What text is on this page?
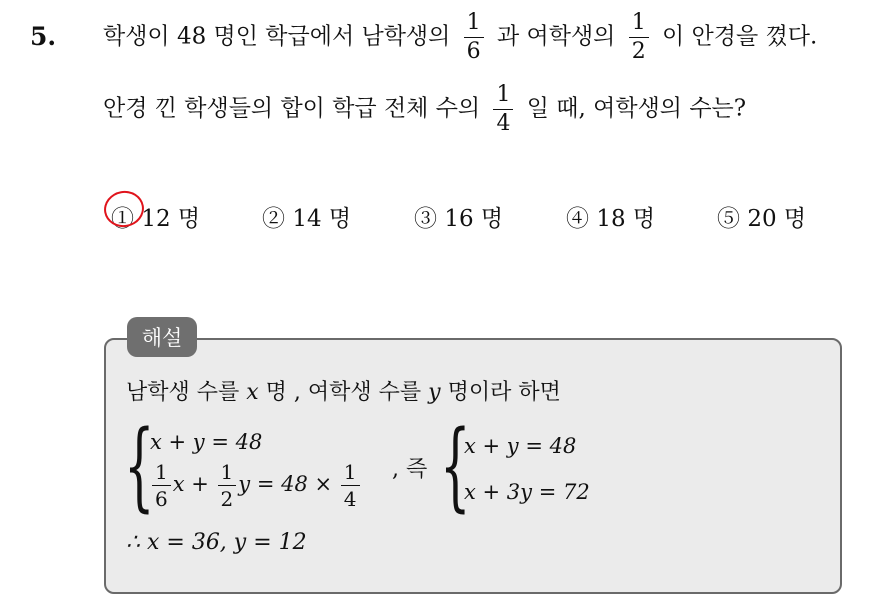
5. 학생이 48 명인 학급에서 남학생의 $\frac{1}{6}$ 과 여학생의 $\frac{1}{2}$ 이 안경을 꼈다.
안경 낀 학생들의 합이 학급 전체 수의 $\frac{1}{4}$ 일 때, 여학생의 수는?
① 12 명	② 14 명	③ 16 명	④ 18 명	⑤ 20 명
해설
남학생 수를 x 명 , 여학생 수를 y 명이라 하면
{
x + y = 48
$\frac{1}{6}$ $x + \frac{1}{2}$ $y = 48 \times \frac{1}{4}$ , 즉 {
x + y = 48
x + 3y = 72
∴ x = 36, y = 12
